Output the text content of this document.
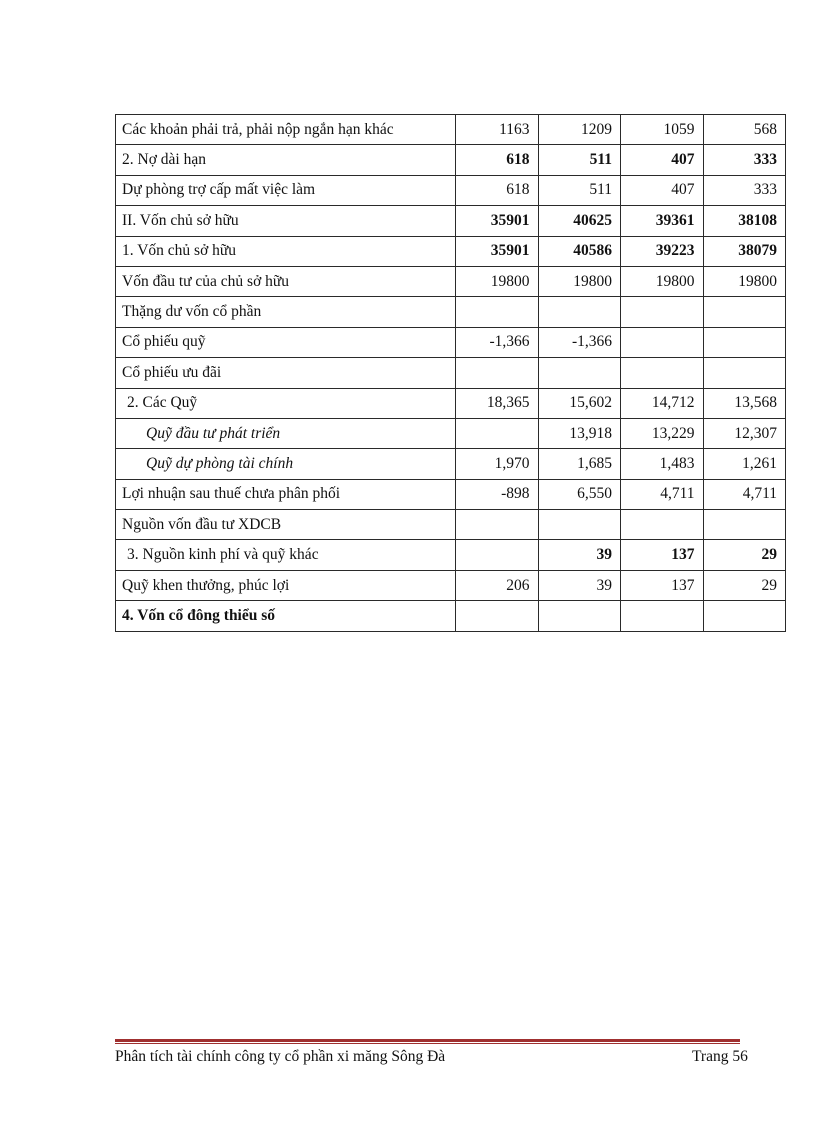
Các khoản phải trả, phải nộp ngắn hạn khác	1163	1209	1059	568
2. Nợ dài hạn	618	511	407	333
Dự phòng trợ cấp mất việc làm	618	511	407	333
II. Vốn chủ sở hữu	35901	40625	39361	38108
1. Vốn chủ sở hữu	35901	40586	39223	38079
Vốn đầu tư của chủ sở hữu	19800	19800	19800	19800
Thặng dư vốn cổ phần				
Cổ phiếu quỹ	-1,366	-1,366		
Cổ phiếu ưu đãi				
2. Các Quỹ	18,365	15,602	14,712	13,568
Quỹ đầu tư phát triển		13,918	13,229	12,307
Quỹ dự phòng tài chính	1,970	1,685	1,483	1,261
Lợi nhuận sau thuế chưa phân phối	-898	6,550	4,711	4,711
Nguồn vốn đầu tư XDCB				
3. Nguồn kinh phí và quỹ khác		39	137	29
Quỹ khen thưởng, phúc lợi	206	39	137	29
4. Vốn cổ đông thiểu số				
Phân tích tài chính công ty cổ phần xi măng Sông Đà	Trang 56
